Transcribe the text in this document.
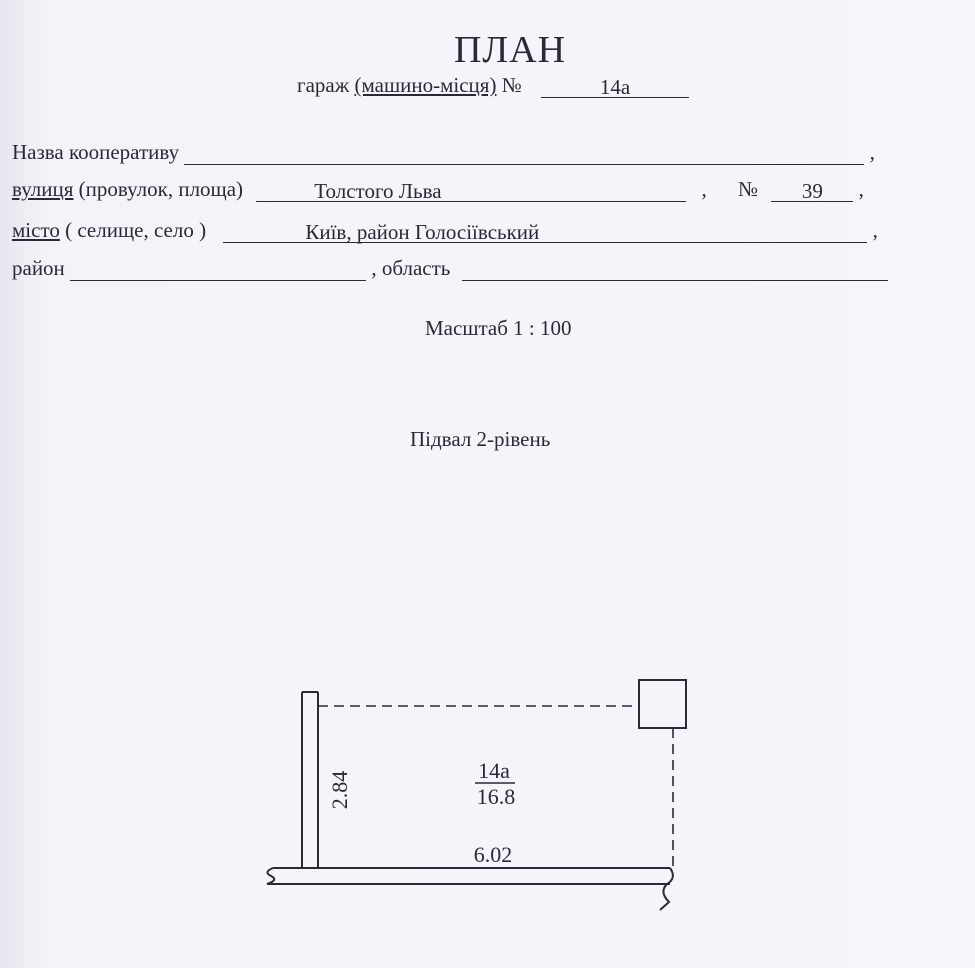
ПЛАН
гараж (машино-місця) №	14а
Назва кооперативу	,
вулиця (провулок, площа)	Толстого Льва	, № 39 ,
місто ( селище, село )	Київ, район Голосіївський	,
район	, область
Масштаб 1 : 100
Підвал 2-рівень
14а
16.8
6.02
2.84
